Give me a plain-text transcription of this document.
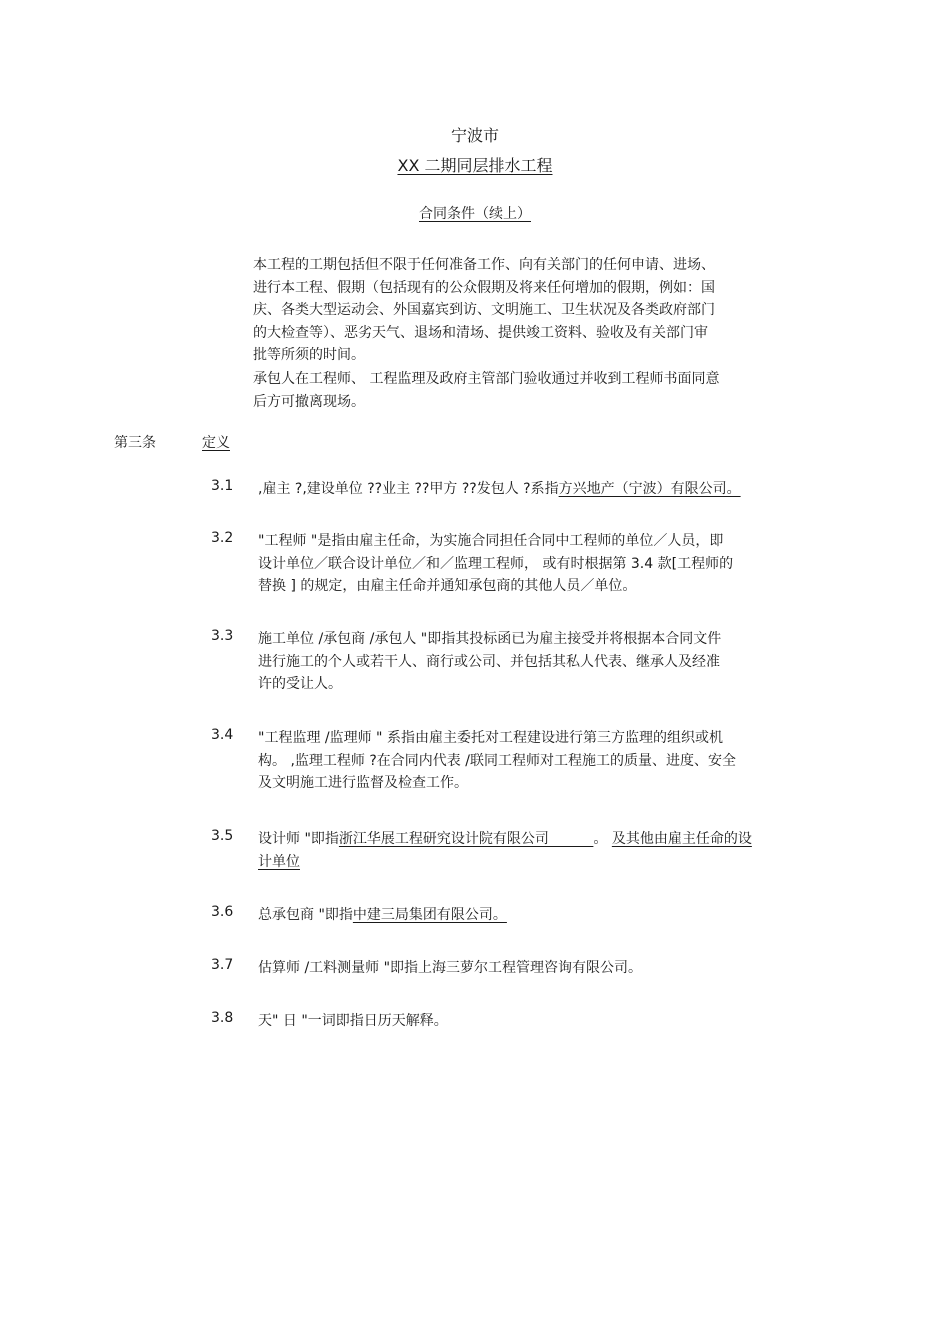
宁波市
XX 二期同层排水工程
合同条件（续上）
本工程的工期包括但不限于任何准备工作、向有关部门的任何申请、进场、
进行本工程、假期（包括现有的公众假期及将来任何增加的假期，例如：国
庆、各类大型运动会、外国嘉宾到访、文明施工、卫生状况及各类政府部门
的大检查等）、恶劣天气、退场和清场、提供竣工资料、验收及有关部门审
批等所须的时间。
承包人在工程师、 工程监理及政府主管部门验收通过并收到工程师书面同意
后方可撤离现场。
第三条	定义
3.1 ,雇主 ?,建设单位 ??业主 ??甲方 ??发包人 ?系指方兴地产（宁波）有限公司。
3.2 "工程师 "是指由雇主任命，为实施合同担任合同中工程师的单位／人员，即
设计单位／联合设计单位／和／监理工程师， 或有时根据第 3.4 款[工程师的
替换 ] 的规定，由雇主任命并通知承包商的其他人员／单位。
3.3 施工单位 /承包商 /承包人 "即指其投标函已为雇主接受并将根据本合同文件
进行施工的个人或若干人、商行或公司、并包括其私人代表、继承人及经准
许的受让人。
3.4 "工程监理 /监理师 " 系指由雇主委托对工程建设进行第三方监理的组织或机
构。 ,监理工程师 ?在合同内代表 /联同工程师对工程施工的质量、进度、安全
及文明施工进行监督及检查工作。
3.5 设计师 "即指浙江华展工程研究设计院有限公司          。 及其他由雇主任命的设
计单位
3.6 总承包商 "即指中建三局集团有限公司。
3.7 估算师 /工料测量师 "即指上海三萝尔工程管理咨询有限公司。
3.8 天" 日 "一词即指日历天解释。
